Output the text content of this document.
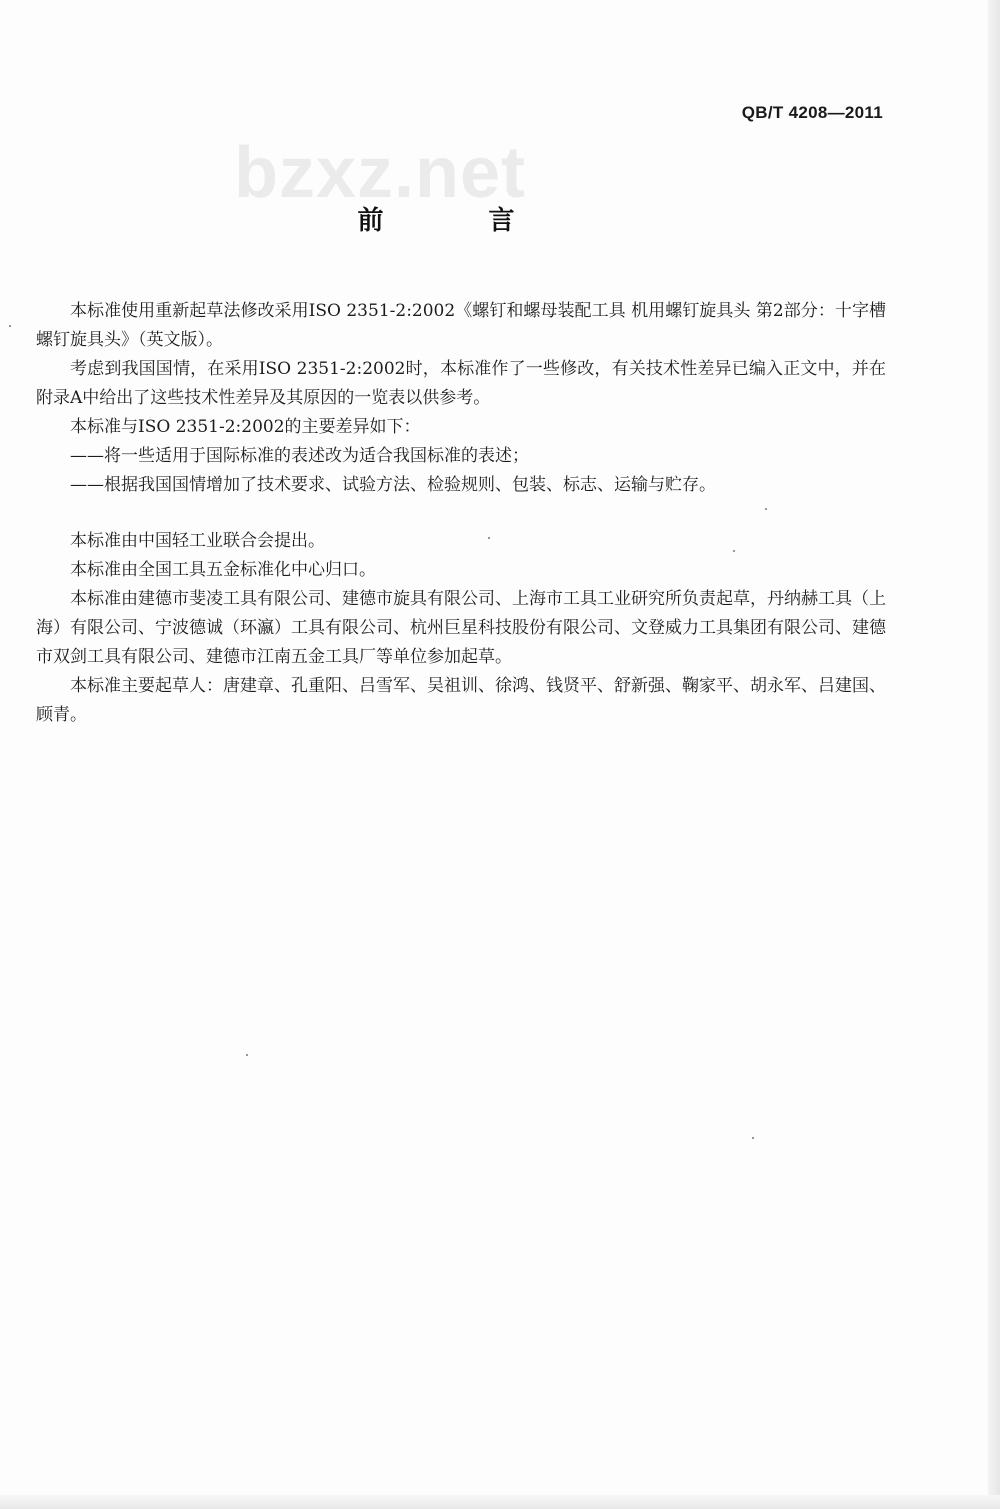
QB/T 4208—2011
bzxz.net
前 言

本标准使用重新起草法修改采用ISO 2351-2:2002《螺钉和螺母装配工具 机用螺钉旋具头 第2部分：十字槽螺钉旋具头》（英文版）。

考虑到我国国情，在采用ISO 2351-2:2002时，本标准作了一些修改，有关技术性差异已编入正文中，并在附录A中给出了这些技术性差异及其原因的一览表以供参考。

本标准与ISO 2351-2:2002的主要差异如下：

——将一些适用于国际标准的表述改为适合我国标准的表述；

——根据我国国情增加了技术要求、试验方法、检验规则、包装、标志、运输与贮存。

本标准由中国轻工业联合会提出。

本标准由全国工具五金标准化中心归口。

本标准由建德市斐凌工具有限公司、建德市旋具有限公司、上海市工具工业研究所负责起草，丹纳赫工具（上海）有限公司、宁波德诚（环瀛）工具有限公司、杭州巨星科技股份有限公司、文登威力工具集团有限公司、建德市双剑工具有限公司、建德市江南五金工具厂等单位参加起草。

本标准主要起草人：唐建章、孔重阳、吕雪军、吴祖训、徐鸿、钱贤平、舒新强、鞠家平、胡永军、吕建国、顾青。
